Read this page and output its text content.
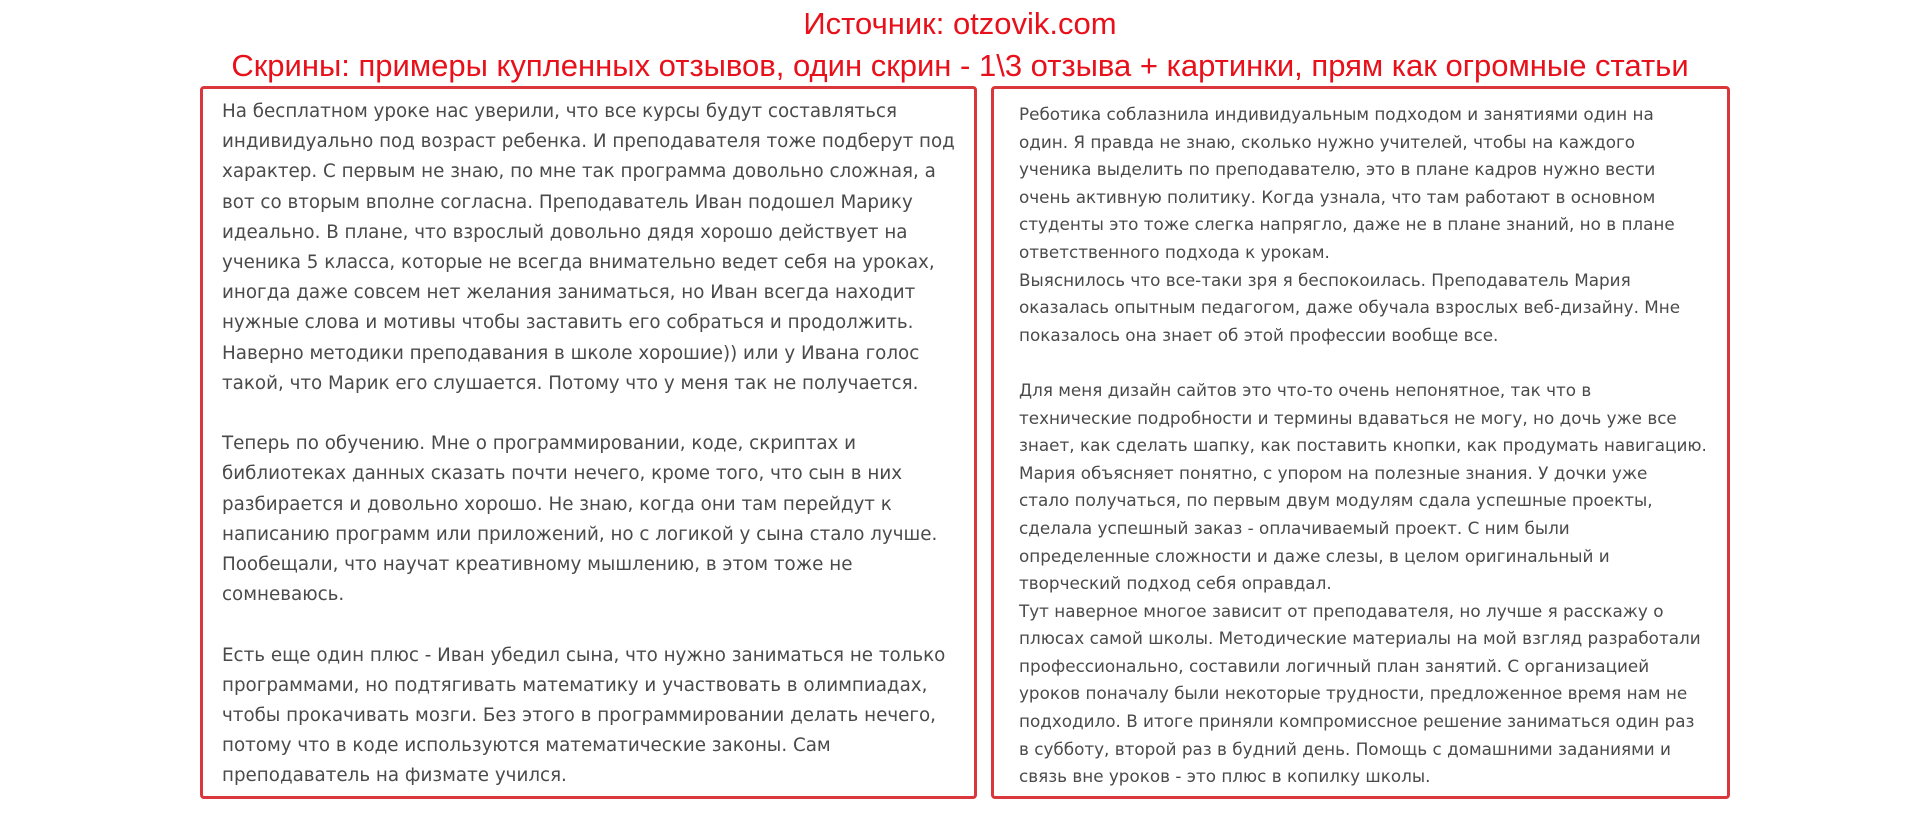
Источник: otzovik.com
Скрины: примеры купленных отзывов, один скрин - 1\3 отзыва + картинки, прям как огромные статьи

На бесплатном уроке нас уверили, что все курсы будут составляться
индивидуально под возраст ребенка. И преподавателя тоже подберут под
характер. С первым не знаю, по мне так программа довольно сложная, а
вот со вторым вполне согласна. Преподаватель Иван подошел Марику
идеально. В плане, что взрослый довольно дядя хорошо действует на
ученика 5 класса, которые не всегда внимательно ведет себя на уроках,
иногда даже совсем нет желания заниматься, но Иван всегда находит
нужные слова и мотивы чтобы заставить его собраться и продолжить.
Наверно методики преподавания в школе хорошие)) или у Ивана голос
такой, что Марик его слушается. Потому что у меня так не получается.

Теперь по обучению. Мне о программировании, коде, скриптах и
библиотеках данных сказать почти нечего, кроме того, что сын в них
разбирается и довольно хорошо. Не знаю, когда они там перейдут к
написанию программ или приложений, но с логикой у сына стало лучше.
Пообещали, что научат креативному мышлению, в этом тоже не
сомневаюсь.

Есть еще один плюс - Иван убедил сына, что нужно заниматься не только
программами, но подтягивать математику и участвовать в олимпиадах,
чтобы прокачивать мозги. Без этого в программировании делать нечего,
потому что в коде используются математические законы. Сам
преподаватель на физмате учился.

Реботика соблазнила индивидуальным подходом и занятиями один на
один. Я правда не знаю, сколько нужно учителей, чтобы на каждого
ученика выделить по преподавателю, это в плане кадров нужно вести
очень активную политику. Когда узнала, что там работают в основном
студенты это тоже слегка напрягло, даже не в плане знаний, но в плане
ответственного подхода к урокам.
Выяснилось что все-таки зря я беспокоилась. Преподаватель Мария
оказалась опытным педагогом, даже обучала взрослых веб-дизайну. Мне
показалось она знает об этой профессии вообще все.

Для меня дизайн сайтов это что-то очень непонятное, так что в
технические подробности и термины вдаваться не могу, но дочь уже все
знает, как сделать шапку, как поставить кнопки, как продумать навигацию.
Мария объясняет понятно, с упором на полезные знания. У дочки уже
стало получаться, по первым двум модулям сдала успешные проекты,
сделала успешный заказ - оплачиваемый проект. С ним были
определенные сложности и даже слезы, в целом оригинальный и
творческий подход себя оправдал.
Тут наверное многое зависит от преподавателя, но лучше я расскажу о
плюсах самой школы. Методические материалы на мой взгляд разработали
профессионально, составили логичный план занятий. С организацией
уроков поначалу были некоторые трудности, предложенное время нам не
подходило. В итоге приняли компромиссное решение заниматься один раз
в субботу, второй раз в будний день. Помощь с домашними заданиями и
связь вне уроков - это плюс в копилку школы.
